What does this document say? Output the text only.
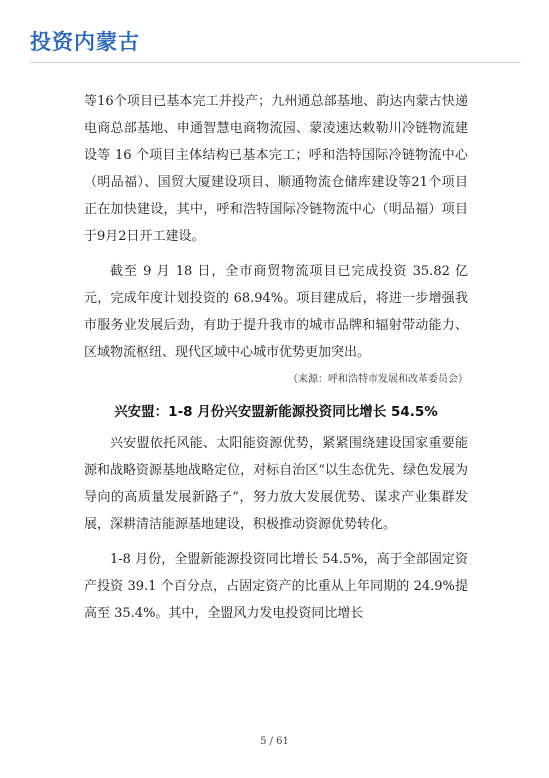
投资内蒙古

等16个项目已基本完工并投产；九州通总部基地、韵达内蒙古快递电商总部基地、申通智慧电商物流园、蒙凌速达敕勒川冷链物流建设等 16 个项目主体结构已基本完工；呼和浩特国际冷链物流中心（明品福）、国贸大厦建设项目、顺通物流仓储库建设等21个项目正在加快建设，其中，呼和浩特国际冷链物流中心（明品福）项目于9月2日开工建设。

截至 9 月 18 日，全市商贸物流项目已完成投资 35.82 亿元，完成年度计划投资的 68.94%。项目建成后，将进一步增强我市服务业发展后劲，有助于提升我市的城市品牌和辐射带动能力、区域物流枢纽、现代区域中心城市优势更加突出。

（来源：呼和浩特市发展和改革委员会）
兴安盟：1-8 月份兴安盟新能源投资同比增长 54.5%

兴安盟依托风能、太阳能资源优势，紧紧围绕建设国家重要能源和战略资源基地战略定位，对标自治区“以生态优先、绿色发展为导向的高质量发展新路子”，努力放大发展优势、谋求产业集群发展，深耕清洁能源基地建设，积极推动资源优势转化。

1-8 月份，全盟新能源投资同比增长 54.5%，高于全部固定资产投资 39.1 个百分点，占固定资产的比重从上年同期的 24.9%提高至 35.4%。其中，全盟风力发电投资同比增长

5 / 61
